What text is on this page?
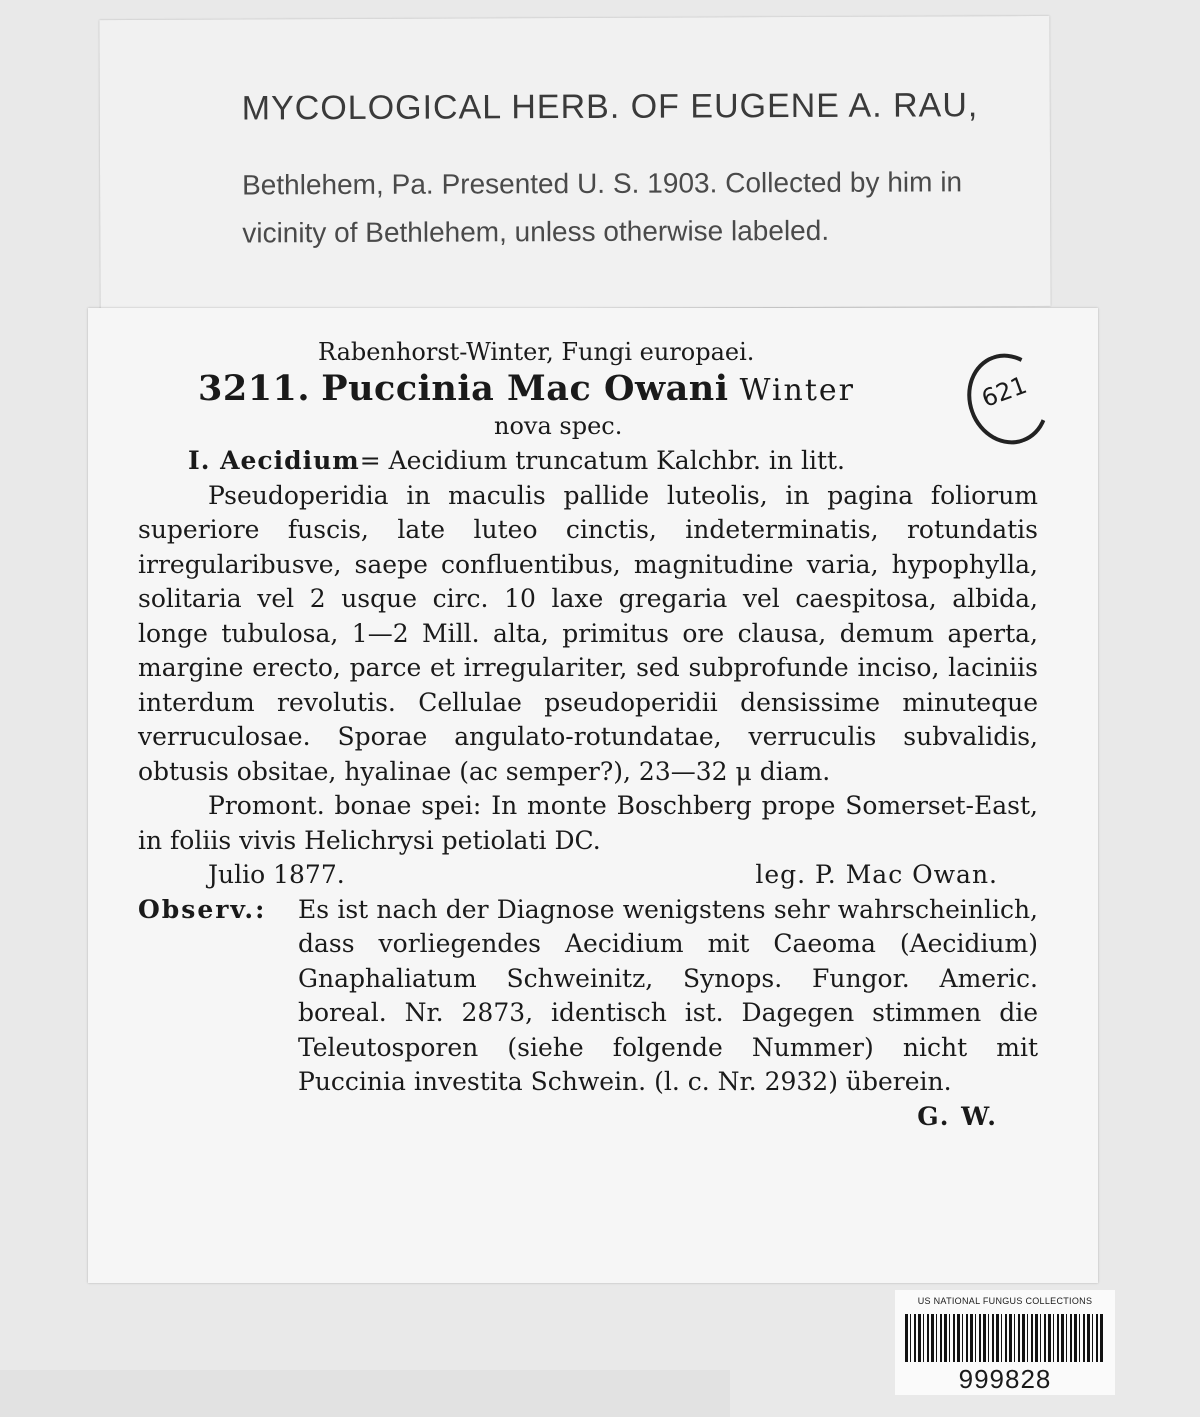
MYCOLOGICAL HERB. OF EUGENE A. RAU,
Bethlehem, Pa. Presented U. S. 1903. Collected by him in vicinity of Bethlehem, unless otherwise labeled.
Rabenhorst-Winter, Fungi europaei.
3211. Puccinia Mac Owani Winter	621
nova spec.

I. Aecidium= Aecidium truncatum Kalchbr. in litt.

Pseudoperidia in maculis pallide luteolis, in pagina foliorum superiore fuscis, late luteo cinctis, indeterminatis, rotundatis irregularibusve, saepe confluentibus, magnitudine varia, hypophylla, solitaria vel 2 usque circ. 10 laxe gregaria vel caespitosa, albida, longe tubulosa, 1—2 Mill. alta, primitus ore clausa, demum aperta, margine erecto, parce et irregulariter, sed subprofunde inciso, laciniis interdum revolutis. Cellulae pseudoperidii densissime minuteque verruculosae. Sporae angulato-rotundatae, verruculis subvalidis, obtusis obsitae, hyalinae (ac semper?), 23—32 μ diam.

Promont. bonae spei: In monte Boschberg prope Somerset-East, in foliis vivis Helichrysi petiolati DC.

Julio 1877.	leg. P. Mac Owan.

Observ.:	Es ist nach der Diagnose wenigstens sehr wahrscheinlich, dass vorliegendes Aecidium mit Caeoma (Aecidium) Gnaphaliatum Schweinitz, Synops. Fungor. Americ. boreal. Nr. 2873, identisch ist. Dagegen stimmen die Teleutosporen (siehe folgende Nummer) nicht mit Puccinia investita Schwein. (l. c. Nr. 2932) überein.

G. W.

US NATIONAL FUNGUS COLLECTIONS
999828
